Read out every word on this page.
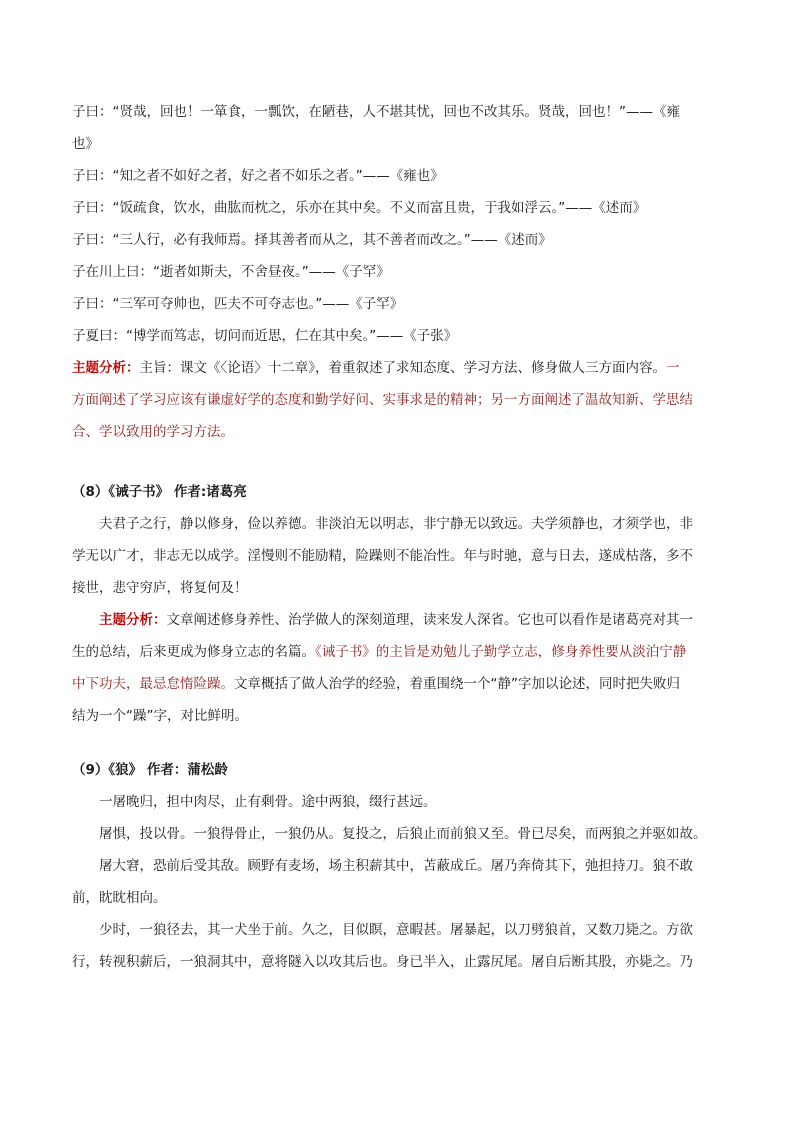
子曰：“贤哉，回也！一箪食，一瓢饮，在陋巷，人不堪其忧，回也不改其乐。贤哉，回也！”——《雍
也》
子曰：“知之者不如好之者，好之者不如乐之者。”——《雍也》
子曰：“饭疏食，饮水，曲肱而枕之，乐亦在其中矣。不义而富且贵，于我如浮云。”——《述而》
子曰：“三人行，必有我师焉。择其善者而从之，其不善者而改之。”——《述而》
子在川上曰：“逝者如斯夫，不舍昼夜。”——《子罕》
子曰：“三军可夺帅也，匹夫不可夺志也。”——《子罕》
子夏曰：“博学而笃志，切问而近思，仁在其中矣。”——《子张》
主题分析：主旨：课文《〈论语〉十二章》，着重叙述了求知态度、学习方法、修身做人三方面内容。一
方面阐述了学习应该有谦虚好学的态度和勤学好问、实事求是的精神；另一方面阐述了温故知新、学思结
合、学以致用的学习方法。
（8）《诫子书》 作者:诸葛亮
夫君子之行，静以修身，俭以养德。非淡泊无以明志，非宁静无以致远。夫学须静也，才须学也，非
学无以广才，非志无以成学。淫慢则不能励精，险躁则不能冶性。年与时驰，意与日去，遂成枯落，多不
接世，悲守穷庐，将复何及！
主题分析：文章阐述修身养性、治学做人的深刻道理，读来发人深省。它也可以看作是诸葛亮对其一
生的总结，后来更成为修身立志的名篇。《诫子书》的主旨是劝勉儿子勤学立志，修身养性要从淡泊宁静
中下功夫，最忌怠惰险躁。文章概括了做人治学的经验，着重围绕一个“静”字加以论述，同时把失败归
结为一个“躁”字，对比鲜明。
（9）《狼》 作者：蒲松龄
一屠晚归，担中肉尽，止有剩骨。途中两狼，缀行甚远。
屠惧，投以骨。一狼得骨止，一狼仍从。复投之，后狼止而前狼又至。骨已尽矣，而两狼之并驱如故。
屠大窘，恐前后受其敌。顾野有麦场，场主积薪其中，苫蔽成丘。屠乃奔倚其下，弛担持刀。狼不敢
前，眈眈相向。
少时，一狼径去，其一犬坐于前。久之，目似瞑，意暇甚。屠暴起，以刀劈狼首，又数刀毙之。方欲
行，转视积薪后，一狼洞其中，意将隧入以攻其后也。身已半入，止露尻尾。屠自后断其股，亦毙之。乃
